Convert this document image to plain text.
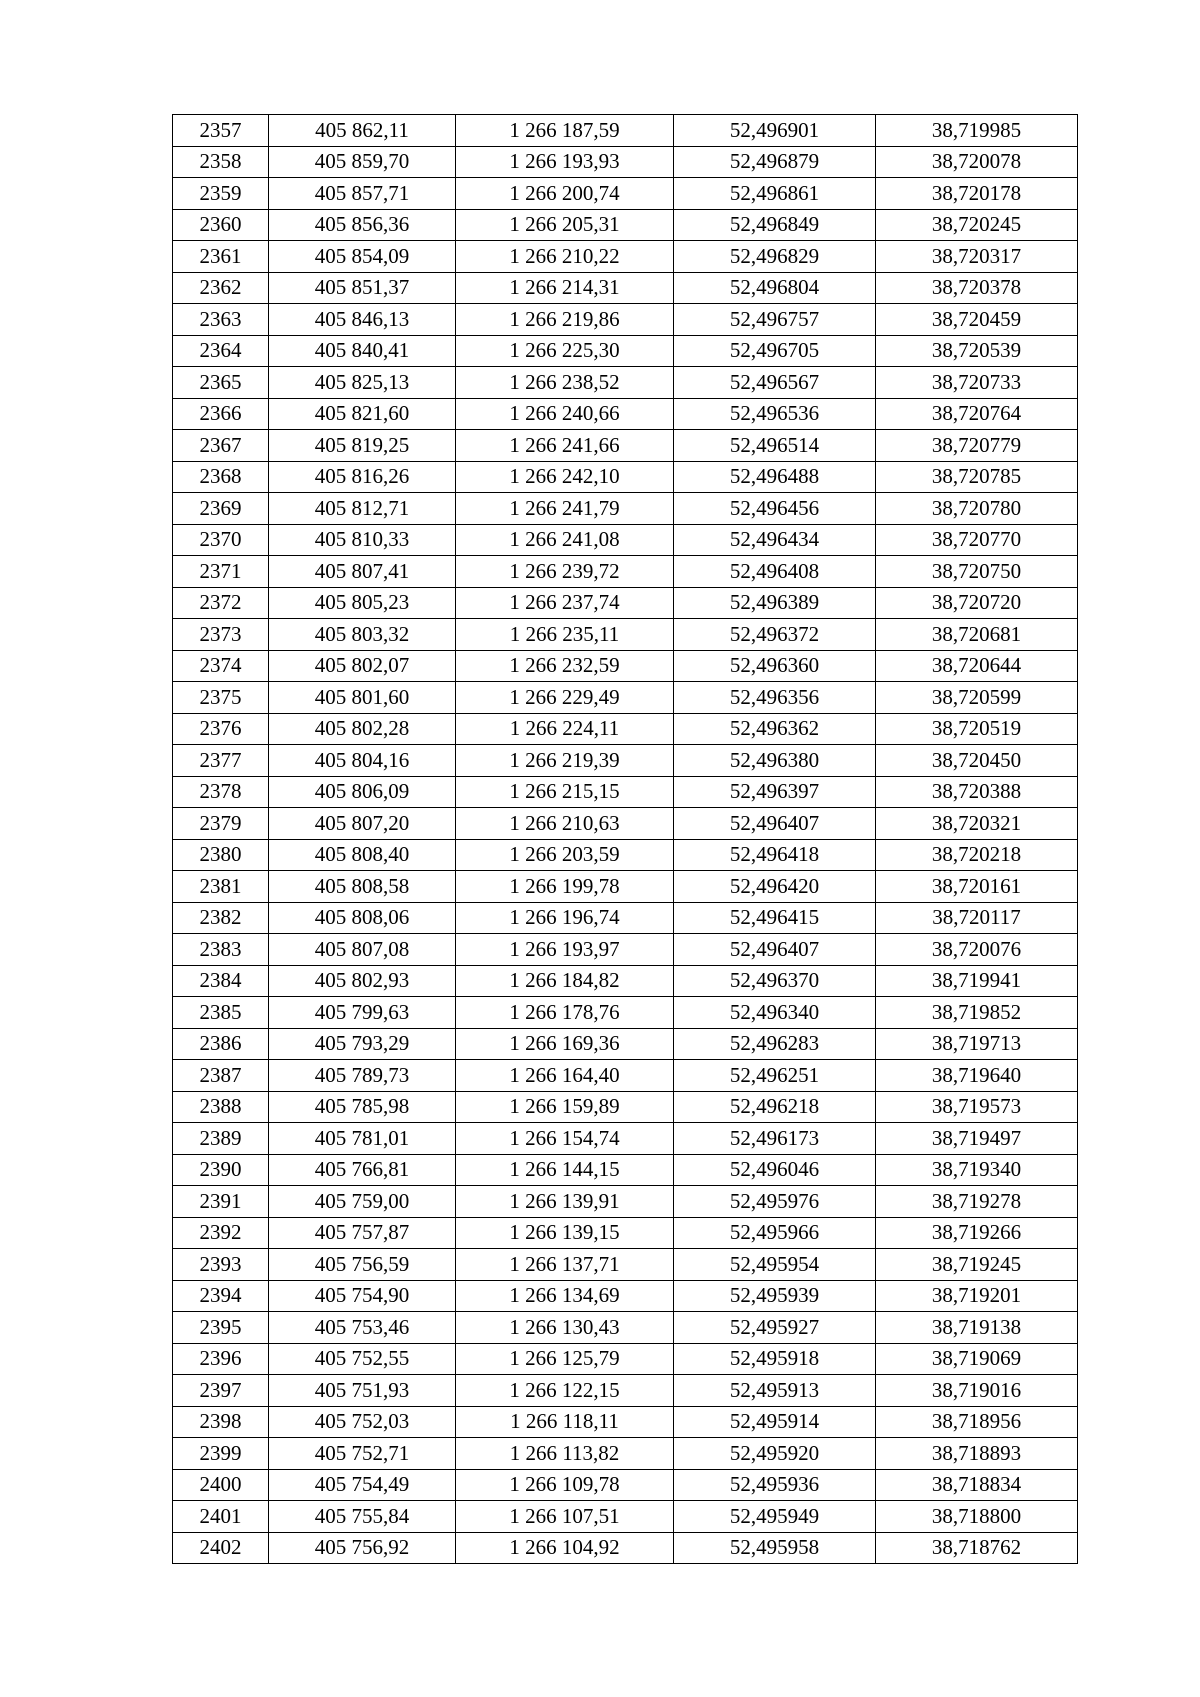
2357	405 862,11	1 266 187,59	52,496901	38,719985
2358	405 859,70	1 266 193,93	52,496879	38,720078
2359	405 857,71	1 266 200,74	52,496861	38,720178
2360	405 856,36	1 266 205,31	52,496849	38,720245
2361	405 854,09	1 266 210,22	52,496829	38,720317
2362	405 851,37	1 266 214,31	52,496804	38,720378
2363	405 846,13	1 266 219,86	52,496757	38,720459
2364	405 840,41	1 266 225,30	52,496705	38,720539
2365	405 825,13	1 266 238,52	52,496567	38,720733
2366	405 821,60	1 266 240,66	52,496536	38,720764
2367	405 819,25	1 266 241,66	52,496514	38,720779
2368	405 816,26	1 266 242,10	52,496488	38,720785
2369	405 812,71	1 266 241,79	52,496456	38,720780
2370	405 810,33	1 266 241,08	52,496434	38,720770
2371	405 807,41	1 266 239,72	52,496408	38,720750
2372	405 805,23	1 266 237,74	52,496389	38,720720
2373	405 803,32	1 266 235,11	52,496372	38,720681
2374	405 802,07	1 266 232,59	52,496360	38,720644
2375	405 801,60	1 266 229,49	52,496356	38,720599
2376	405 802,28	1 266 224,11	52,496362	38,720519
2377	405 804,16	1 266 219,39	52,496380	38,720450
2378	405 806,09	1 266 215,15	52,496397	38,720388
2379	405 807,20	1 266 210,63	52,496407	38,720321
2380	405 808,40	1 266 203,59	52,496418	38,720218
2381	405 808,58	1 266 199,78	52,496420	38,720161
2382	405 808,06	1 266 196,74	52,496415	38,720117
2383	405 807,08	1 266 193,97	52,496407	38,720076
2384	405 802,93	1 266 184,82	52,496370	38,719941
2385	405 799,63	1 266 178,76	52,496340	38,719852
2386	405 793,29	1 266 169,36	52,496283	38,719713
2387	405 789,73	1 266 164,40	52,496251	38,719640
2388	405 785,98	1 266 159,89	52,496218	38,719573
2389	405 781,01	1 266 154,74	52,496173	38,719497
2390	405 766,81	1 266 144,15	52,496046	38,719340
2391	405 759,00	1 266 139,91	52,495976	38,719278
2392	405 757,87	1 266 139,15	52,495966	38,719266
2393	405 756,59	1 266 137,71	52,495954	38,719245
2394	405 754,90	1 266 134,69	52,495939	38,719201
2395	405 753,46	1 266 130,43	52,495927	38,719138
2396	405 752,55	1 266 125,79	52,495918	38,719069
2397	405 751,93	1 266 122,15	52,495913	38,719016
2398	405 752,03	1 266 118,11	52,495914	38,718956
2399	405 752,71	1 266 113,82	52,495920	38,718893
2400	405 754,49	1 266 109,78	52,495936	38,718834
2401	405 755,84	1 266 107,51	52,495949	38,718800
2402	405 756,92	1 266 104,92	52,495958	38,718762
